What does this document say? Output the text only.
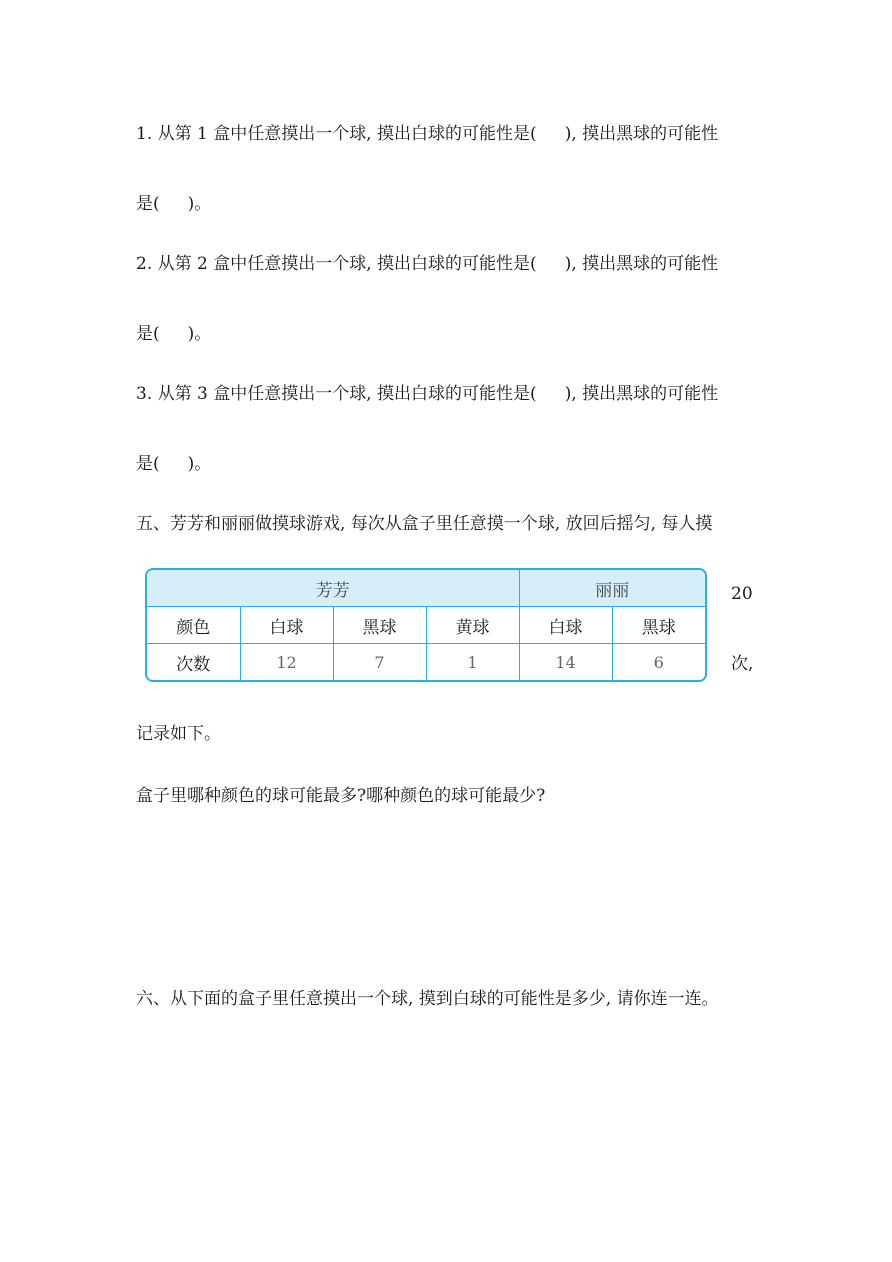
1. 从第 1 盒中任意摸出一个球, 摸出白球的可能性是( ), 摸出黑球的可能性
是( )。
2. 从第 2 盒中任意摸出一个球, 摸出白球的可能性是( ), 摸出黑球的可能性
是( )。
3. 从第 3 盒中任意摸出一个球, 摸出白球的可能性是( ), 摸出黑球的可能性
是( )。
五、芳芳和丽丽做摸球游戏, 每次从盒子里任意摸一个球, 放回后摇匀, 每人摸
芳芳				丽丽	
颜色	白球	黑球	黄球	白球	黑球
次数	12	7	1	14	6
20
次,
记录如下。
盒子里哪种颜色的球可能最多?哪种颜色的球可能最少?
六、从下面的盒子里任意摸出一个球, 摸到白球的可能性是多少, 请你连一连。
